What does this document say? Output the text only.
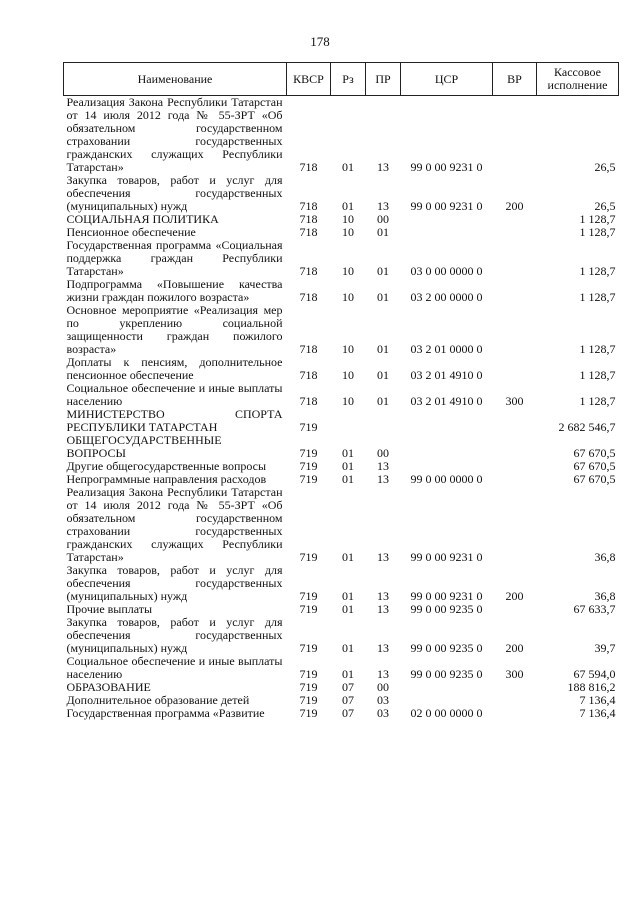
178
Наименование	КВСР	Рз	ПР	ЦСР	ВР	Кассовое исполнение
Реализация Закона Республики Татарстан от 14 июля 2012 года № 55-ЗРТ «Об обязательном государственном страховании государственных гражданских служащих Республики Татарстан»	718	01	13	99 0 00 9231 0		26,5
Закупка товаров, работ и услуг для обеспечения государственных (муниципальных) нужд	718	01	13	99 0 00 9231 0	200	26,5
СОЦИАЛЬНАЯ ПОЛИТИКА	718	10	00			1 128,7
Пенсионное обеспечение	718	10	01			1 128,7
Государственная программа «Социальная поддержка граждан Республики Татарстан»	718	10	01	03 0 00 0000 0		1 128,7
Подпрограмма «Повышение качества жизни граждан пожилого возраста»	718	10	01	03 2 00 0000 0		1 128,7
Основное мероприятие «Реализация мер по укреплению социальной защищенности граждан пожилого возраста»	718	10	01	03 2 01 0000 0		1 128,7
Доплаты к пенсиям, дополнительное пенсионное обеспечение	718	10	01	03 2 01 4910 0		1 128,7
Социальное обеспечение и иные выплаты населению	718	10	01	03 2 01 4910 0	300	1 128,7
МИНИСТЕРСТВО СПОРТА РЕСПУБЛИКИ ТАТАРСТАН	719					2 682 546,7
ОБЩЕГОСУДАРСТВЕННЫЕ ВОПРОСЫ	719	01	00			67 670,5
Другие общегосударственные вопросы	719	01	13			67 670,5
Непрограммные направления расходов	719	01	13	99 0 00 0000 0		67 670,5
Реализация Закона Республики Татарстан от 14 июля 2012 года № 55-ЗРТ «Об обязательном государственном страховании государственных гражданских служащих Республики Татарстан»	719	01	13	99 0 00 9231 0		36,8
Закупка товаров, работ и услуг для обеспечения государственных (муниципальных) нужд	719	01	13	99 0 00 9231 0	200	36,8
Прочие выплаты	719	01	13	99 0 00 9235 0		67 633,7
Закупка товаров, работ и услуг для обеспечения государственных (муниципальных) нужд	719	01	13	99 0 00 9235 0	200	39,7
Социальное обеспечение и иные выплаты населению	719	01	13	99 0 00 9235 0	300	67 594,0
ОБРАЗОВАНИЕ	719	07	00			188 816,2
Дополнительное образование детей	719	07	03			7 136,4
Государственная программа «Развитие	719	07	03	02 0 00 0000 0		7 136,4
